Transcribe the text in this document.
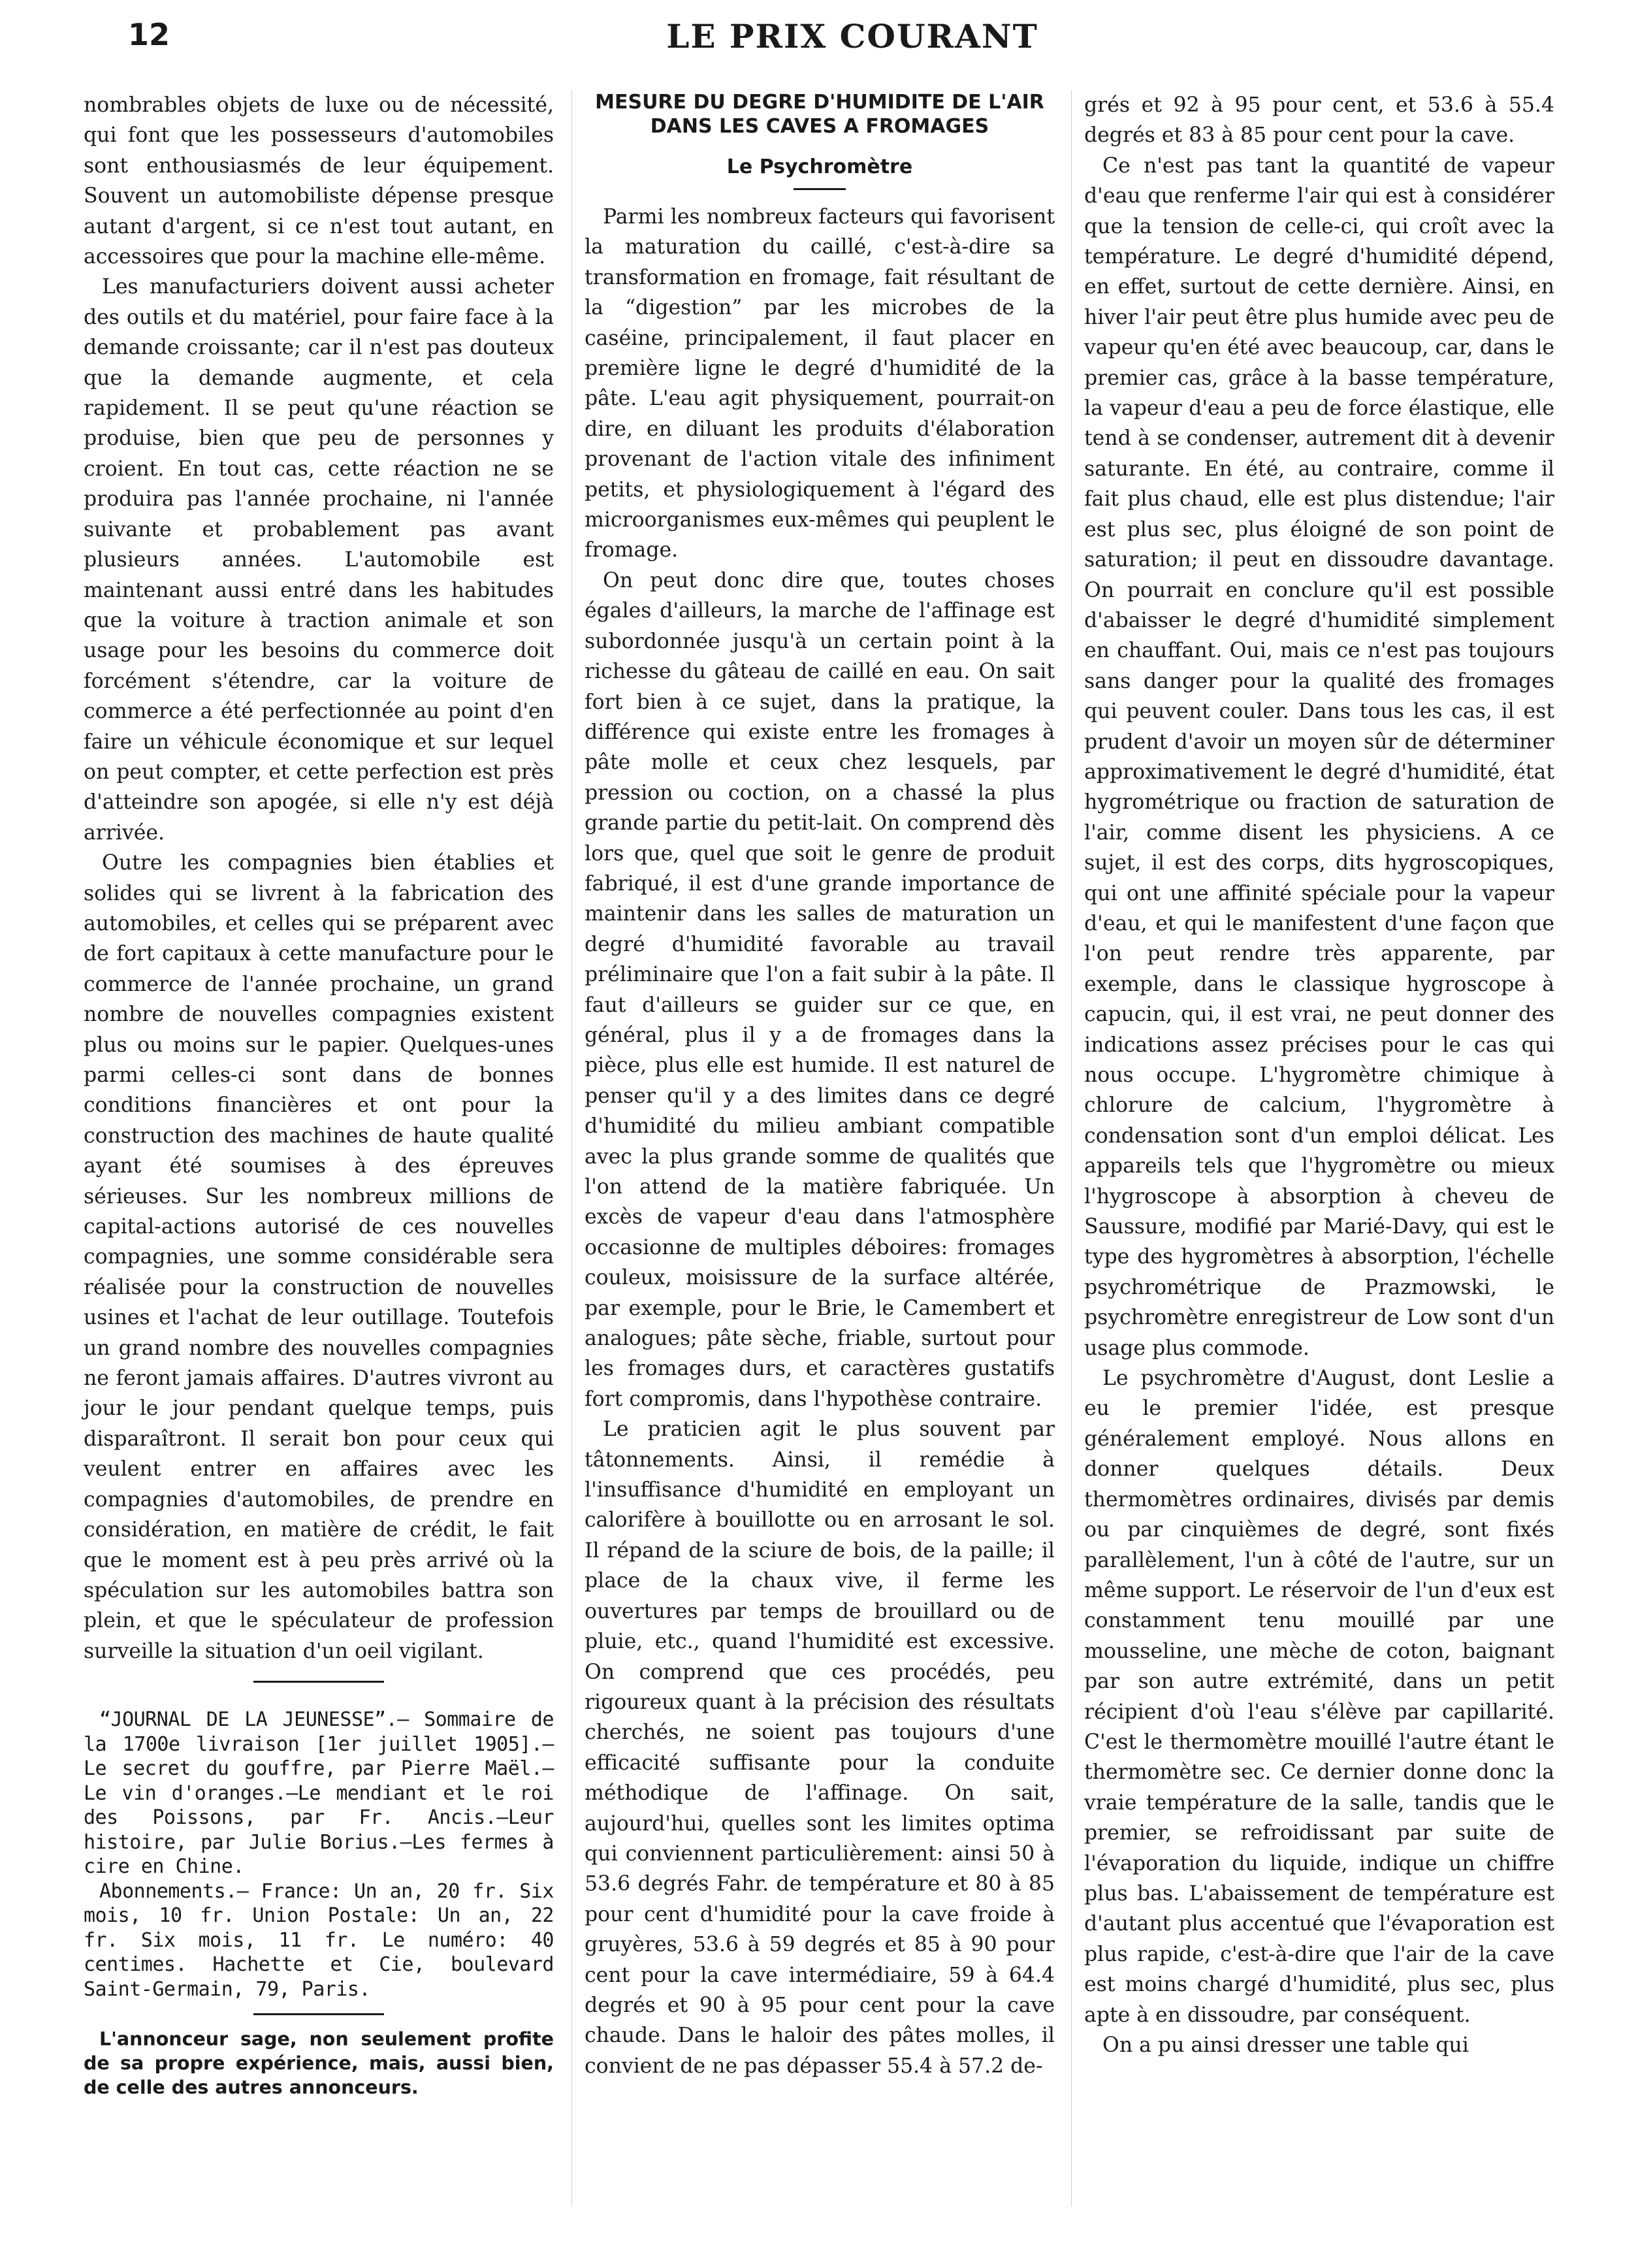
12	LE PRIX COURANT

nombrables objets de luxe ou de nécessité, qui font que les possesseurs d'automobiles sont enthousiasmés de leur équipement. Souvent un automobiliste dépense presque autant d'argent, si ce n'est tout autant, en accessoires que pour la machine elle-même.

Les manufacturiers doivent aussi acheter des outils et du matériel, pour faire face à la demande croissante; car il n'est pas douteux que la demande augmente, et cela rapidement. Il se peut qu'une réaction se produise, bien que peu de personnes y croient. En tout cas, cette réaction ne se produira pas l'année prochaine, ni l'année suivante et probablement pas avant plusieurs années. L'automobile est maintenant aussi entré dans les habitudes que la voiture à traction animale et son usage pour les besoins du commerce doit forcément s'étendre, car la voiture de commerce a été perfectionnée au point d'en faire un véhicule économique et sur lequel on peut compter, et cette perfection est près d'atteindre son apogée, si elle n'y est déjà arrivée.

Outre les compagnies bien établies et solides qui se livrent à la fabrication des automobiles, et celles qui se préparent avec de fort capitaux à cette manufacture pour le commerce de l'année prochaine, un grand nombre de nouvelles compagnies existent plus ou moins sur le papier. Quelques-unes parmi celles-ci sont dans de bonnes conditions financières et ont pour la construction des machines de haute qualité ayant été soumises à des épreuves sérieuses. Sur les nombreux millions de capital-actions autorisé de ces nouvelles compagnies, une somme considérable sera réalisée pour la construction de nouvelles usines et l'achat de leur outillage. Toutefois un grand nombre des nouvelles compagnies ne feront jamais affaires. D'autres vivront au jour le jour pendant quelque temps, puis disparaîtront. Il serait bon pour ceux qui veulent entrer en affaires avec les compagnies d'automobiles, de prendre en considération, en matière de crédit, le fait que le moment est à peu près arrivé où la spéculation sur les automobiles battra son plein, et que le spéculateur de profession surveille la situation d'un oeil vigilant.

“JOURNAL DE LA JEUNESSE”.— Sommaire de la 1700e livraison [1er juillet 1905].—Le secret du gouffre, par Pierre Maël.—Le vin d'oranges.—Le mendiant et le roi des Poissons, par Fr. Ancis.—Leur histoire, par Julie Borius.—Les fermes à cire en Chine.

Abonnements.— France: Un an, 20 fr. Six mois, 10 fr. Union Postale: Un an, 22 fr. Six mois, 11 fr. Le numéro: 40 centimes. Hachette et Cie, boulevard Saint-Germain, 79, Paris.

L'annonceur sage, non seulement profite de sa propre expérience, mais, aussi bien, de celle des autres annonceurs.

MESURE DU DEGRE D'HUMIDITE DE L'AIR DANS LES CAVES A FROMAGES
Le Psychromètre

Parmi les nombreux facteurs qui favorisent la maturation du caillé, c'est-à-dire sa transformation en fromage, fait résultant de la “digestion” par les microbes de la caséine, principalement, il faut placer en première ligne le degré d'humidité de la pâte. L'eau agit physiquement, pourrait-on dire, en diluant les produits d'élaboration provenant de l'action vitale des infiniment petits, et physiologiquement à l'égard des microorganismes eux-mêmes qui peuplent le fromage.

On peut donc dire que, toutes choses égales d'ailleurs, la marche de l'affinage est subordonnée jusqu'à un certain point à la richesse du gâteau de caillé en eau. On sait fort bien à ce sujet, dans la pratique, la différence qui existe entre les fromages à pâte molle et ceux chez lesquels, par pression ou coction, on a chassé la plus grande partie du petit-lait. On comprend dès lors que, quel que soit le genre de produit fabriqué, il est d'une grande importance de maintenir dans les salles de maturation un degré d'humidité favorable au travail préliminaire que l'on a fait subir à la pâte. Il faut d'ailleurs se guider sur ce que, en général, plus il y a de fromages dans la pièce, plus elle est humide. Il est naturel de penser qu'il y a des limites dans ce degré d'humidité du milieu ambiant compatible avec la plus grande somme de qualités que l'on attend de la matière fabriquée. Un excès de vapeur d'eau dans l'atmosphère occasionne de multiples déboires: fromages couleux, moisissure de la surface altérée, par exemple, pour le Brie, le Camembert et analogues; pâte sèche, friable, surtout pour les fromages durs, et caractères gustatifs fort compromis, dans l'hypothèse contraire.

Le praticien agit le plus souvent par tâtonnements. Ainsi, il remédie à l'insuffisance d'humidité en employant un calorifère à bouillotte ou en arrosant le sol. Il répand de la sciure de bois, de la paille; il place de la chaux vive, il ferme les ouvertures par temps de brouillard ou de pluie, etc., quand l'humidité est excessive. On comprend que ces procédés, peu rigoureux quant à la précision des résultats cherchés, ne soient pas toujours d'une efficacité suffisante pour la conduite méthodique de l'affinage. On sait, aujourd'hui, quelles sont les limites optima qui conviennent particulièrement: ainsi 50 à 53.6 degrés Fahr. de température et 80 à 85 pour cent d'humidité pour la cave froide à gruyères, 53.6 à 59 degrés et 85 à 90 pour cent pour la cave intermédiaire, 59 à 64.4 degrés et 90 à 95 pour cent pour la cave chaude. Dans le haloir des pâtes molles, il convient de ne pas dépasser 55.4 à 57.2 de-

grés et 92 à 95 pour cent, et 53.6 à 55.4 degrés et 83 à 85 pour cent pour la cave.

Ce n'est pas tant la quantité de vapeur d'eau que renferme l'air qui est à considérer que la tension de celle-ci, qui croît avec la température. Le degré d'humidité dépend, en effet, surtout de cette dernière. Ainsi, en hiver l'air peut être plus humide avec peu de vapeur qu'en été avec beaucoup, car, dans le premier cas, grâce à la basse température, la vapeur d'eau a peu de force élastique, elle tend à se condenser, autrement dit à devenir saturante. En été, au contraire, comme il fait plus chaud, elle est plus distendue; l'air est plus sec, plus éloigné de son point de saturation; il peut en dissoudre davantage. On pourrait en conclure qu'il est possible d'abaisser le degré d'humidité simplement en chauffant. Oui, mais ce n'est pas toujours sans danger pour la qualité des fromages qui peuvent couler. Dans tous les cas, il est prudent d'avoir un moyen sûr de déterminer approximativement le degré d'humidité, état hygrométrique ou fraction de saturation de l'air, comme disent les physiciens. A ce sujet, il est des corps, dits hygroscopiques, qui ont une affinité spéciale pour la vapeur d'eau, et qui le manifestent d'une façon que l'on peut rendre très apparente, par exemple, dans le classique hygroscope à capucin, qui, il est vrai, ne peut donner des indications assez précises pour le cas qui nous occupe. L'hygromètre chimique à chlorure de calcium, l'hygromètre à condensation sont d'un emploi délicat. Les appareils tels que l'hygromètre ou mieux l'hygroscope à absorption à cheveu de Saussure, modifié par Marié-Davy, qui est le type des hygromètres à absorption, l'échelle psychrométrique de Prazmowski, le psychromètre enregistreur de Low sont d'un usage plus commode.

Le psychromètre d'August, dont Leslie a eu le premier l'idée, est presque généralement employé. Nous allons en donner quelques détails. Deux thermomètres ordinaires, divisés par demis ou par cinquièmes de degré, sont fixés parallèlement, l'un à côté de l'autre, sur un même support. Le réservoir de l'un d'eux est constamment tenu mouillé par une mousseline, une mèche de coton, baignant par son autre extrémité, dans un petit récipient d'où l'eau s'élève par capillarité. C'est le thermomètre mouillé l'autre étant le thermomètre sec. Ce dernier donne donc la vraie température de la salle, tandis que le premier, se refroidissant par suite de l'évaporation du liquide, indique un chiffre plus bas. L'abaissement de température est d'autant plus accentué que l'évaporation est plus rapide, c'est-à-dire que l'air de la cave est moins chargé d'humidité, plus sec, plus apte à en dissoudre, par conséquent.

On a pu ainsi dresser une table qui
